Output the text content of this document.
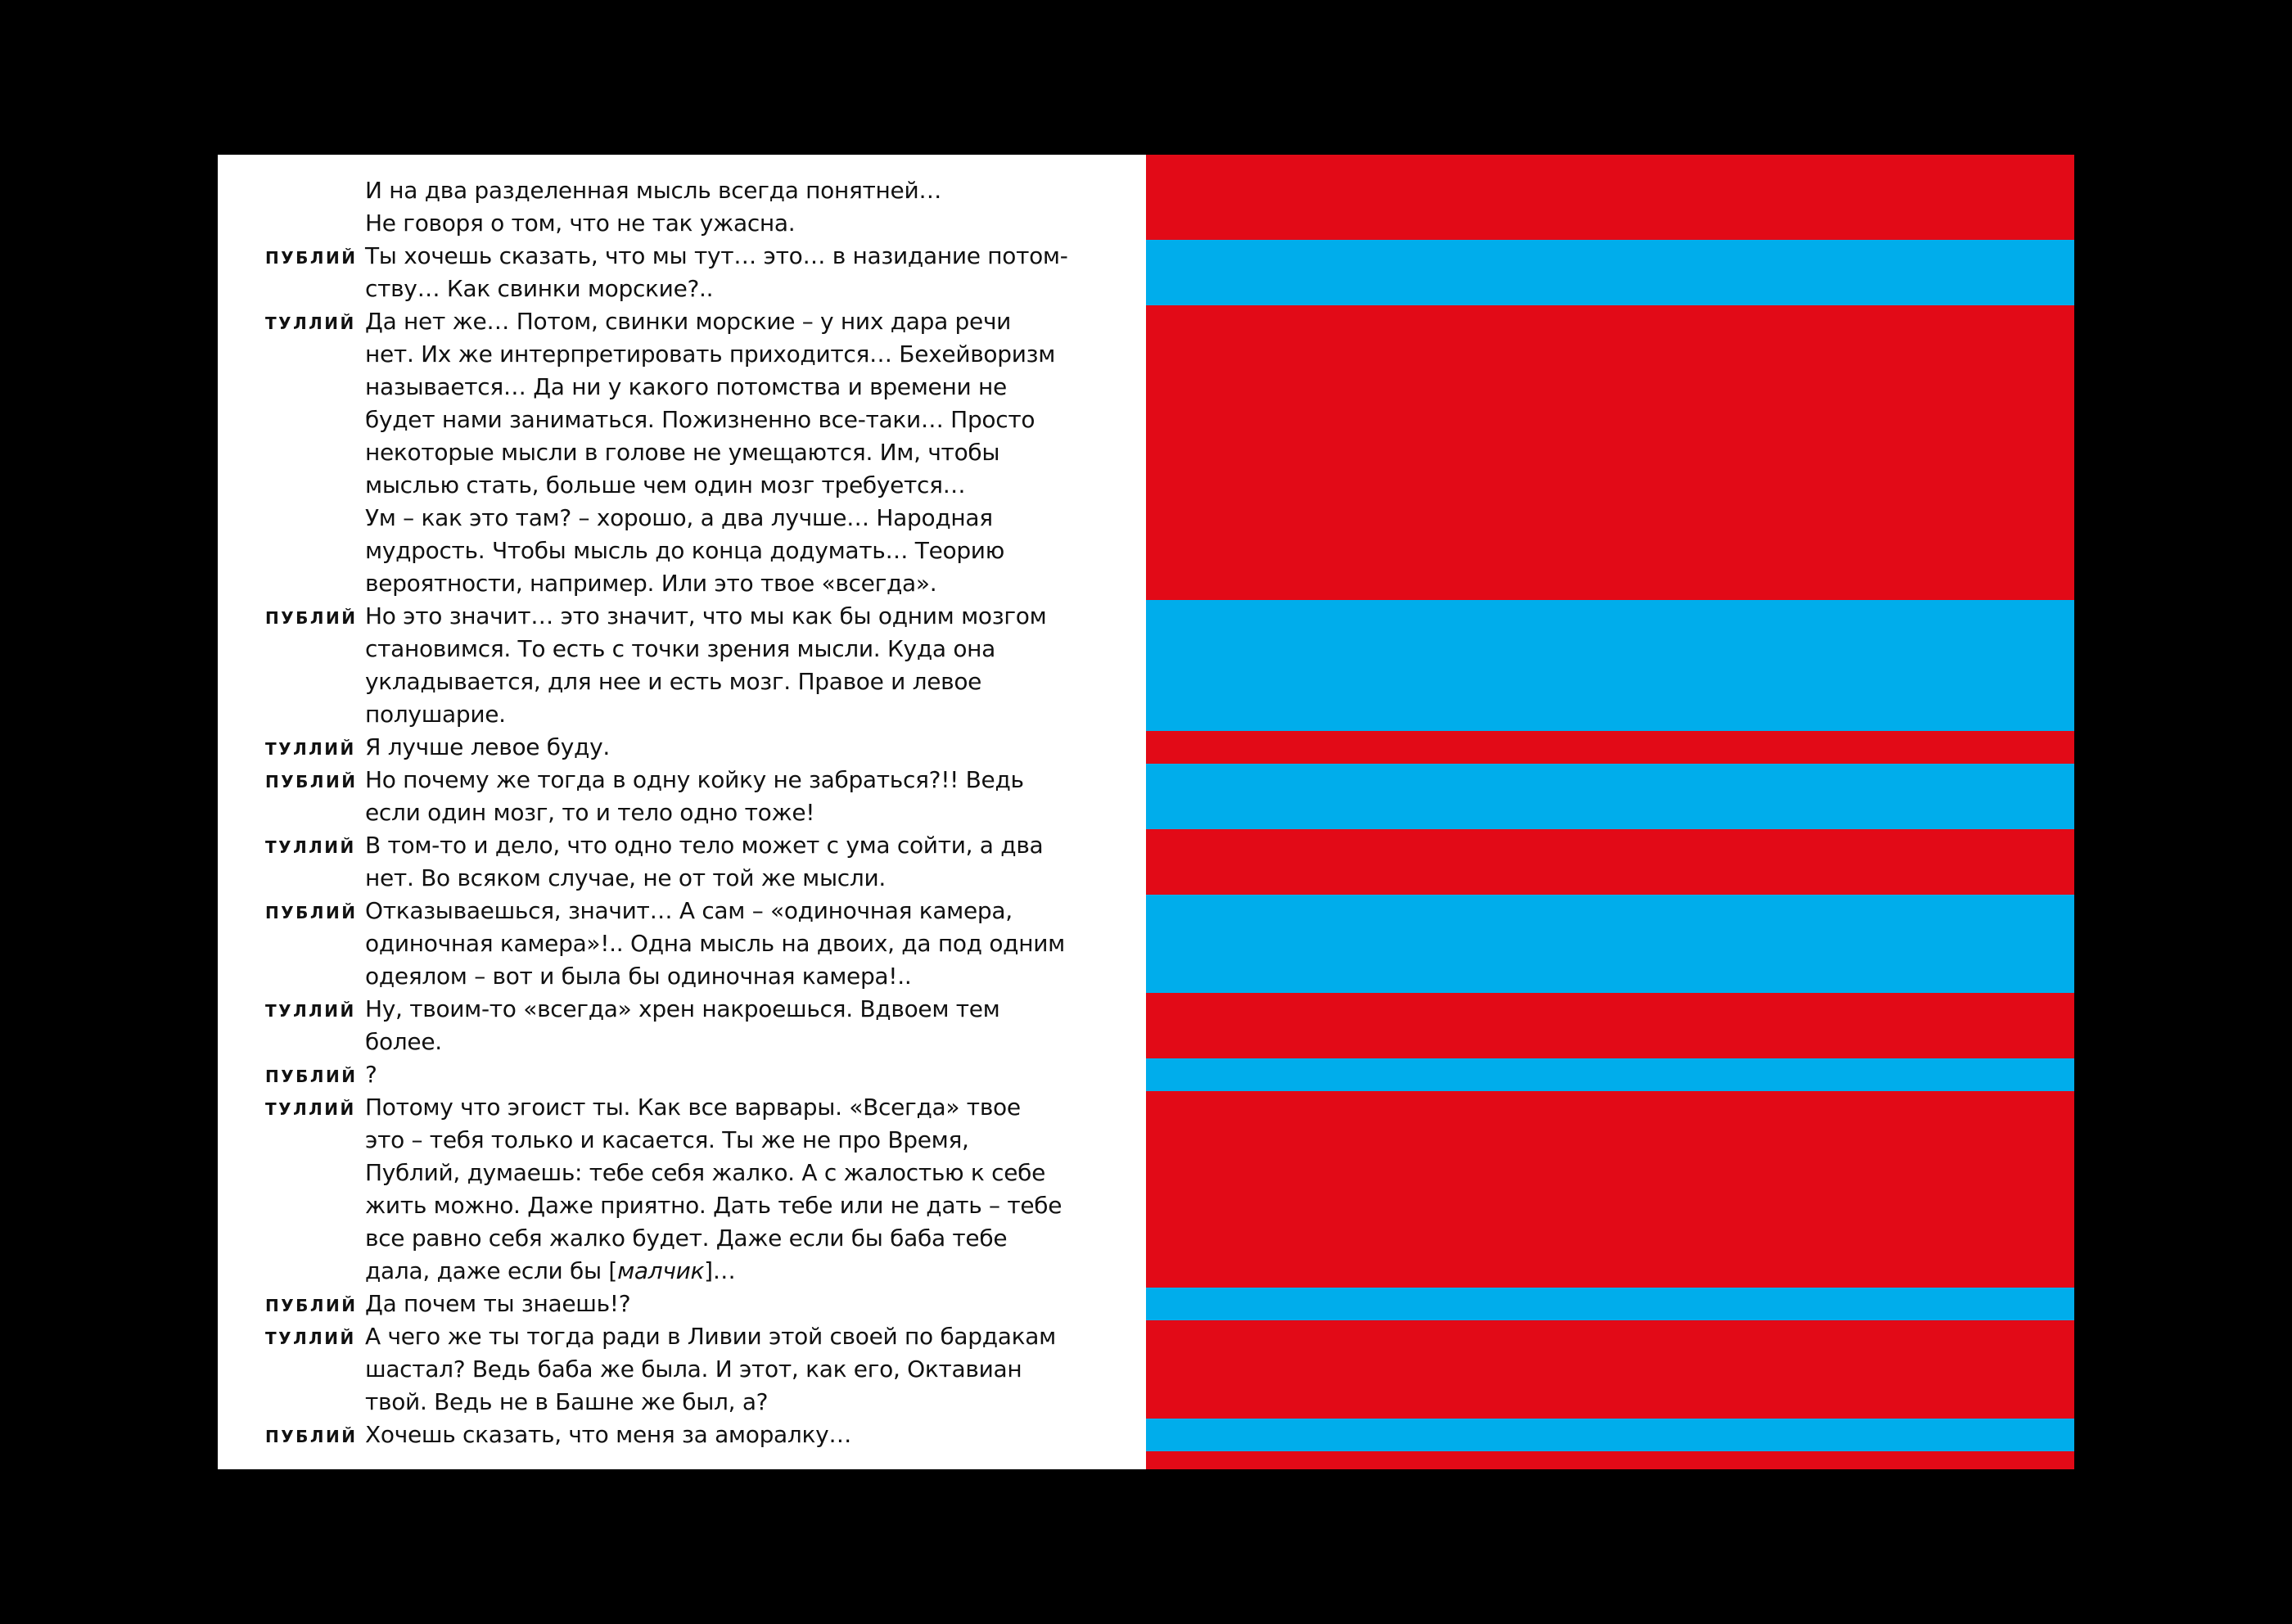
И на два разделенная мысль всегда понятней…
Не говоря о том, что не так ужасна.
ПУБЛИЙ Ты хочешь сказать, что мы тут… это… в назидание потом-
ству… Как свинки морские?..
ТУЛЛИЙ Да нет же… Потом, свинки морские – у них дара речи
нет. Их же интерпретировать приходится… Бехейворизм
называется… Да ни у какого потомства и времени не
будет нами заниматься. Пожизненно все-таки… Просто
некоторые мысли в голове не умещаются. Им, чтобы
мыслью стать, больше чем один мозг требуется…
Ум – как это там? – хорошо, а два лучше… Народная
мудрость. Чтобы мысль до конца додумать… Теорию
вероятности, например. Или это твое «всегда».
ПУБЛИЙ Но это значит… это значит, что мы как бы одним мозгом
становимся. То есть с точки зрения мысли. Куда она
укладывается, для нее и есть мозг. Правое и левое
полушарие.
ТУЛЛИЙ Я лучше левое буду.
ПУБЛИЙ Но почему же тогда в одну койку не забраться?!! Ведь
если один мозг, то и тело одно тоже!
ТУЛЛИЙ В том-то и дело, что одно тело может с ума сойти, а два
нет. Во всяком случае, не от той же мысли.
ПУБЛИЙ Отказываешься, значит… А сам – «одиночная камера,
одиночная камера»!.. Одна мысль на двоих, да под одним
одеялом – вот и была бы одиночная камера!..
ТУЛЛИЙ Ну, твоим-то «всегда» хрен накроешься. Вдвоем тем
более.
ПУБЛИЙ ?
ТУЛЛИЙ Потому что эгоист ты. Как все варвары. «Всегда» твое
это – тебя только и касается. Ты же не про Время,
Публий, думаешь: тебе себя жалко. А с жалостью к себе
жить можно. Даже приятно. Дать тебе или не дать – тебе
все равно себя жалко будет. Даже если бы баба тебе
дала, даже если бы [малчик]…
ПУБЛИЙ Да почем ты знаешь!?
ТУЛЛИЙ А чего же ты тогда ради в Ливии этой своей по бардакам
шастал? Ведь баба же была. И этот, как его, Октавиан
твой. Ведь не в Башне же был, а?
ПУБЛИЙ Хочешь сказать, что меня за аморалку…
